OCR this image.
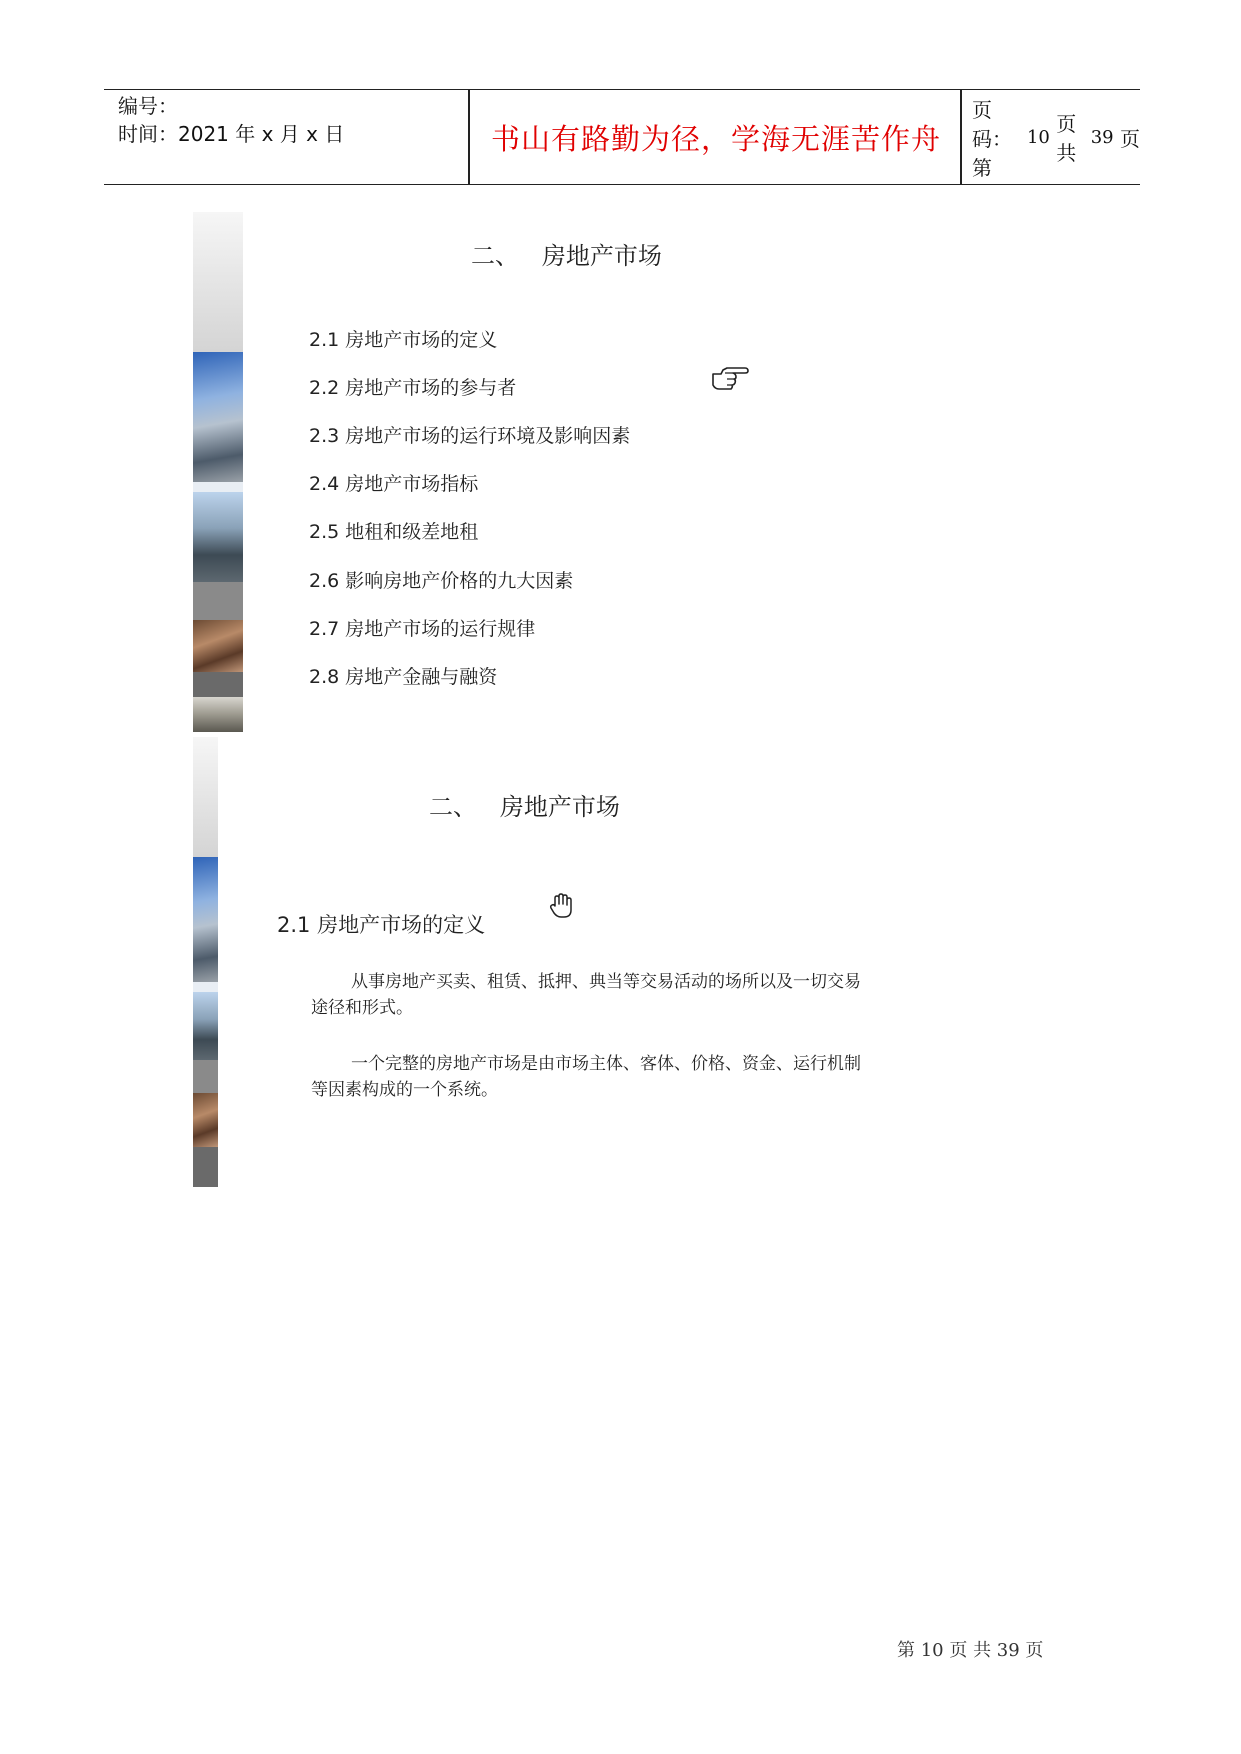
编号：
时间：2021 年 x 月 x 日	书山有路勤为径，学海无涯苦作舟
页码：第

10

页 共

39
页
二、   房地产市场
2.1 房地产市场的定义
2.2 房地产市场的参与者
2.3 房地产市场的运行环境及影响因素
2.4 房地产市场指标
2.5 地租和级差地租
2.6 影响房地产价格的九大因素
2.7 房地产市场的运行规律
2.8 房地产金融与融资
二、   房地产市场
2.1 房地产市场的定义
从事房地产买卖、租赁、抵押、典当等交易活动的场所以及一切交易途径和形式。
一个完整的房地产市场是由市场主体、客体、价格、资金、运行机制等因素构成的一个系统。
第 10 页 共 39 页
